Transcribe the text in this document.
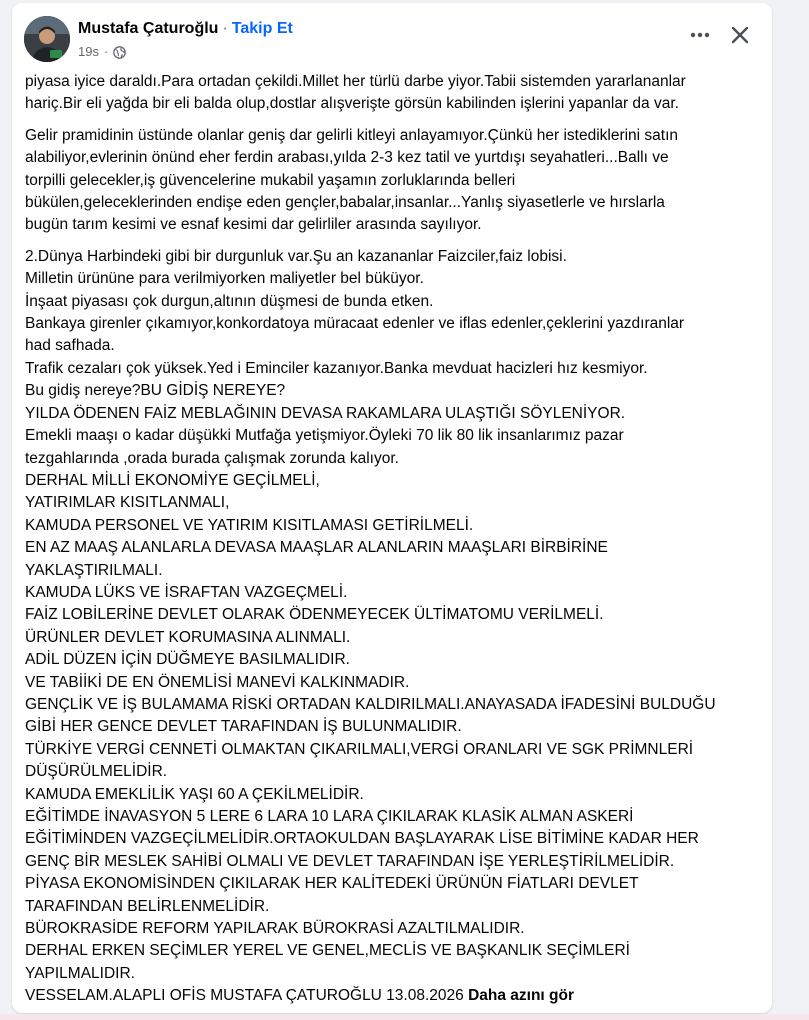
Mustafa Çaturoğlu · Takip Et
19s ·

piyasa iyice daraldı.Para ortadan çekildi.Millet her türlü darbe yiyor.Tabii sistemden yararlananlar
hariç.Bir eli yağda bir eli balda olup,dostlar alışverişte görsün kabilinden işlerini yapanlar da var.

Gelir pramidinin üstünde olanlar geniş dar gelirli kitleyi anlayamıyor.Çünkü her istediklerini satın
alabiliyor,evlerinin önünd eher ferdin arabası,yılda 2-3 kez tatil ve yurtdışı seyahatleri...Ballı ve
torpilli gelecekler,iş güvencelerine mukabil yaşamın zorluklarında belleri
bükülen,geleceklerinden endişe eden gençler,babalar,insanlar...Yanlış siyasetlerle ve hırslarla
bugün tarım kesimi ve esnaf kesimi dar gelirliler arasında sayılıyor.

2.Dünya Harbindeki gibi bir durgunluk var.Şu an kazananlar Faizciler,faiz lobisi.
Milletin ürününe para verilmiyorken maliyetler bel büküyor.
İnşaat piyasası çok durgun,altının düşmesi de bunda etken.
Bankaya girenler çıkamıyor,konkordatoya müracaat edenler ve iflas edenler,çeklerini yazdıranlar
had safhada.
Trafik cezaları çok yüksek.Yed i Eminciler kazanıyor.Banka mevduat hacizleri hız kesmiyor.
Bu gidiş nereye?BU GİDİŞ NEREYE?
YILDA ÖDENEN FAİZ MEBLAĞININ DEVASA RAKAMLARA ULAŞTIĞI SÖYLENİYOR.
Emekli maaşı o kadar düşükki Mutfağa yetişmiyor.Öyleki 70 lik 80 lik insanlarımız pazar
tezgahlarında ,orada burada çalışmak zorunda kalıyor.
DERHAL MİLLİ EKONOMİYE GEÇİLMELİ,
YATIRIMLAR KISITLANMALI,
KAMUDA PERSONEL VE YATIRIM KISITLAMASI GETİRİLMELİ.
EN AZ MAAŞ ALANLARLA DEVASA MAAŞLAR ALANLARIN MAAŞLARI BİRBİRİNE
YAKLAŞTIRILMALI.
KAMUDA LÜKS VE İSRAFTAN VAZGEÇMELİ.
FAİZ LOBİLERİNE DEVLET OLARAK ÖDENMEYECEK ÜLTİMATOMU VERİLMELİ.
ÜRÜNLER DEVLET KORUMASINA ALINMALI.
ADİL DÜZEN İÇİN DÜĞMEYE BASILMALIDIR.
VE TABİİKİ DE EN ÖNEMLİSİ MANEVİ KALKINMADIR.
GENÇLİK VE İŞ BULAMAMA RİSKİ ORTADAN KALDIRILMALI.ANAYASADA İFADESİNİ BULDUĞU
GİBİ HER GENCE DEVLET TARAFINDAN İŞ BULUNMALIDIR.
TÜRKİYE VERGİ CENNETİ OLMAKTAN ÇIKARILMALI,VERGİ ORANLARI VE SGK PRİMNLERİ
DÜŞÜRÜLMELİDİR.
KAMUDA EMEKLİLİK YAŞI 60 A ÇEKİLMELİDİR.
EĞİTİMDE İNAVASYON 5 LERE 6 LARA 10 LARA ÇIKILARAK KLASİK ALMAN ASKERİ
EĞİTİMİNDEN VAZGEÇİLMELİDİR.ORTAOKULDAN BAŞLAYARAK LİSE BİTİMİNE KADAR HER
GENÇ BİR MESLEK SAHİBİ OLMALI VE DEVLET TARAFINDAN İŞE YERLEŞTİRİLMELİDİR.
PİYASA EKONOMİSİNDEN ÇIKILARAK HER KALİTEDEKİ ÜRÜNÜN FİATLARI DEVLET
TARAFINDAN BELİRLENMELİDİR.
BÜROKRASİDE REFORM YAPILARAK BÜROKRASİ AZALTILMALIDIR.
DERHAL ERKEN SEÇİMLER YEREL VE GENEL,MECLİS VE BAŞKANLIK SEÇİMLERİ
YAPILMALIDIR.
VESSELAM.ALAPLI OFİS MUSTAFA ÇATUROĞLU 13.08.2026 Daha azını gör
